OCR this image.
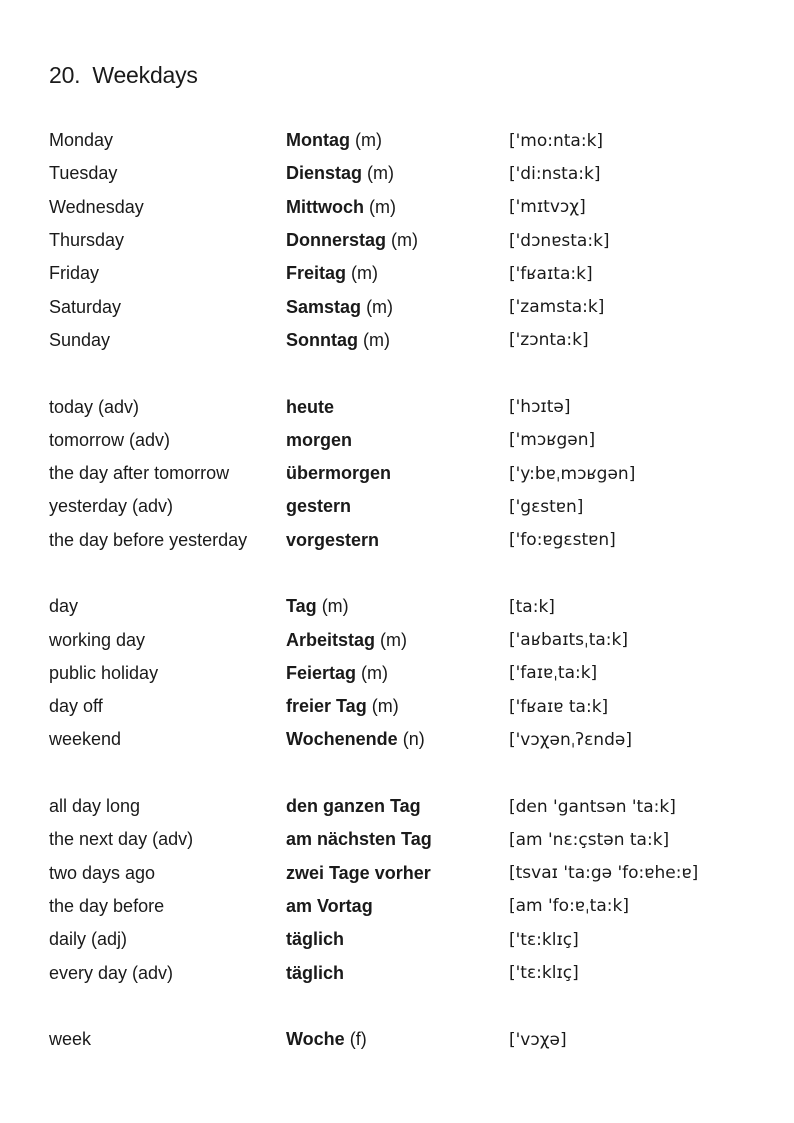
20. Weekdays
Monday	Montag (m)	['mo:nta:k]
Tuesday	Dienstag (m)	['di:nsta:k]
Wednesday	Mittwoch (m)	['mɪtvɔχ]
Thursday	Donnerstag (m)	['dɔnɐsta:k]
Friday	Freitag (m)	['fʁaɪta:k]
Saturday	Samstag (m)	['zamsta:k]
Sunday	Sonntag (m)	['zɔnta:k]
today (adv)	heute	['hɔɪtə]
tomorrow (adv)	morgen	['mɔʁgən]
the day after tomorrow	übermorgen	['y:bɐˌmɔʁgən]
yesterday (adv)	gestern	['gɛstɐn]
the day before yesterday	vorgestern	['fo:ɐgɛstɐn]
day	Tag (m)	[ta:k]
working day	Arbeitstag (m)	['aʁbaɪtsˌta:k]
public holiday	Feiertag (m)	['faɪɐˌta:k]
day off	freier Tag (m)	['fʁaɪɐ ta:k]
weekend	Wochenende (n)	['vɔχənˌʔɛndə]
all day long	den ganzen Tag	[den 'gantsən 'ta:k]
the next day (adv)	am nächsten Tag	[am 'nɛ:çstən ta:k]
two days ago	zwei Tage vorher	[tsvaɪ 'ta:gə 'fo:ɐhe:ɐ]
the day before	am Vortag	[am 'fo:ɐˌta:k]
daily (adj)	täglich	['tɛ:klɪç]
every day (adv)	täglich	['tɛ:klɪç]
week	Woche (f)	['vɔχə]
